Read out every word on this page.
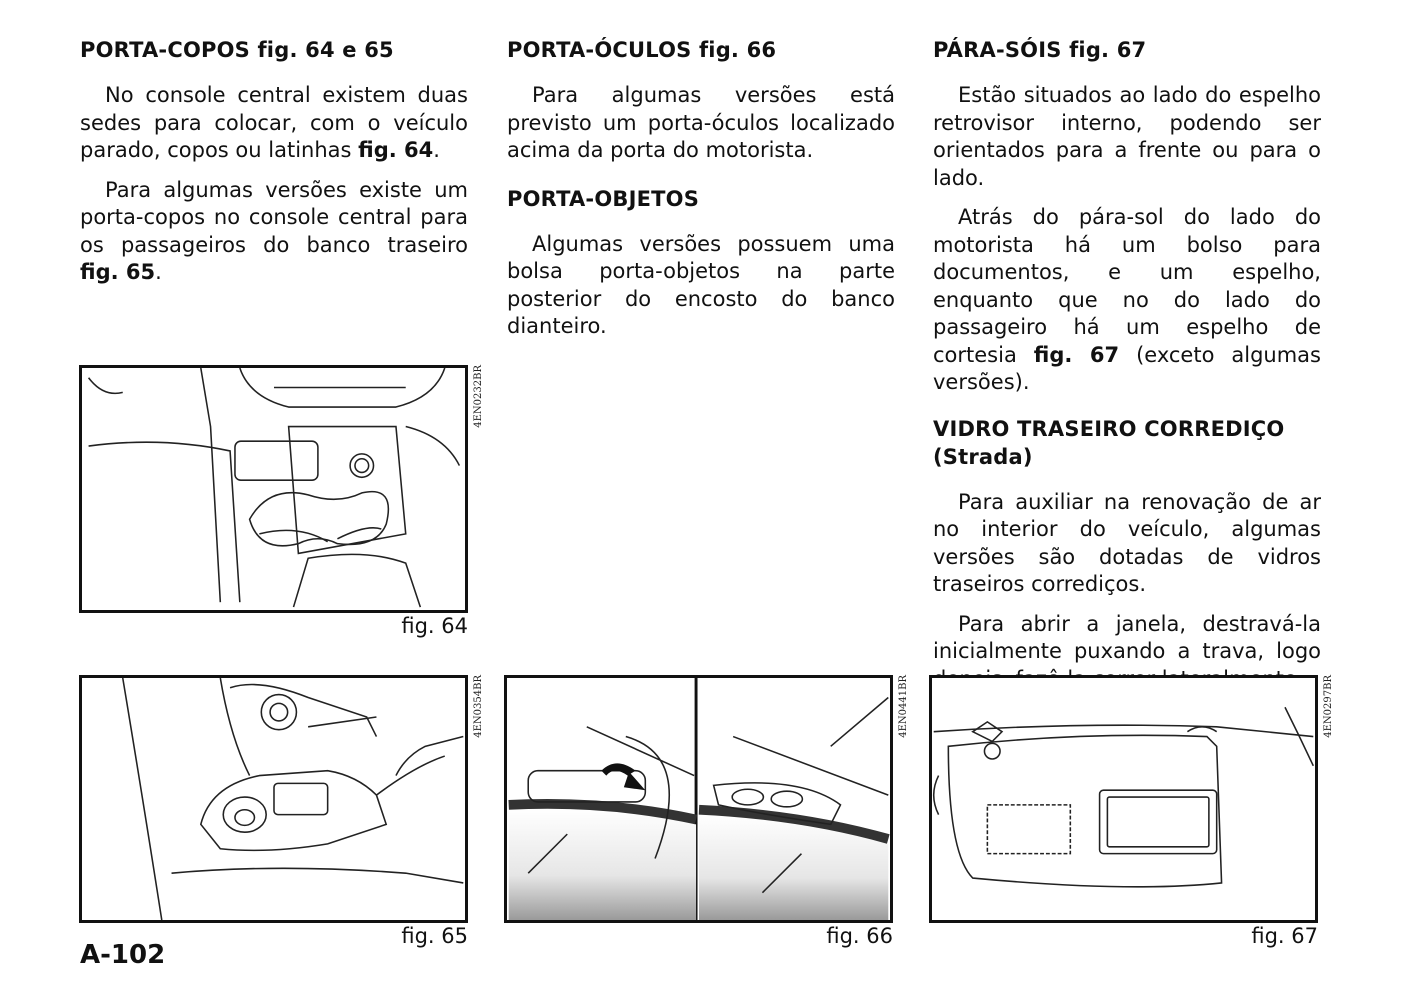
PORTA-COPOS fig. 64 e 65

No console central existem duas sedes para colocar, com o veículo parado, copos ou latinhas fig. 64.

Para algumas versões existe um porta-copos no console central para os passageiros do banco traseiro fig. 65.

PORTA-ÓCULOS fig. 66

Para algumas versões está previsto um porta-óculos localizado acima da porta do motorista.

PORTA-OBJETOS

Algumas versões possuem uma bolsa porta-objetos na parte posterior do encosto do banco dianteiro.

PÁRA-SÓIS fig. 67

Estão situados ao lado do espelho retrovisor interno, podendo ser orientados para a frente ou para o lado.

Atrás do pára-sol do lado do motorista há um bolso para documentos, e um espelho, enquanto que no do lado do passageiro há um espelho de cortesia fig. 67 (exceto algumas versões).

VIDRO TRASEIRO CORREDIÇO
(Strada)

Para auxiliar na renovação de ar no interior do veículo, algumas versões são dotadas de vidros traseiros corrediços.

Para abrir a janela, destravá-la inicialmente puxando a trava, logo

4EN0232BR
fig. 64
4EN0354BR
fig. 65
4EN0441BR
fig. 66
4EN0297BR
fig. 67
A-102
